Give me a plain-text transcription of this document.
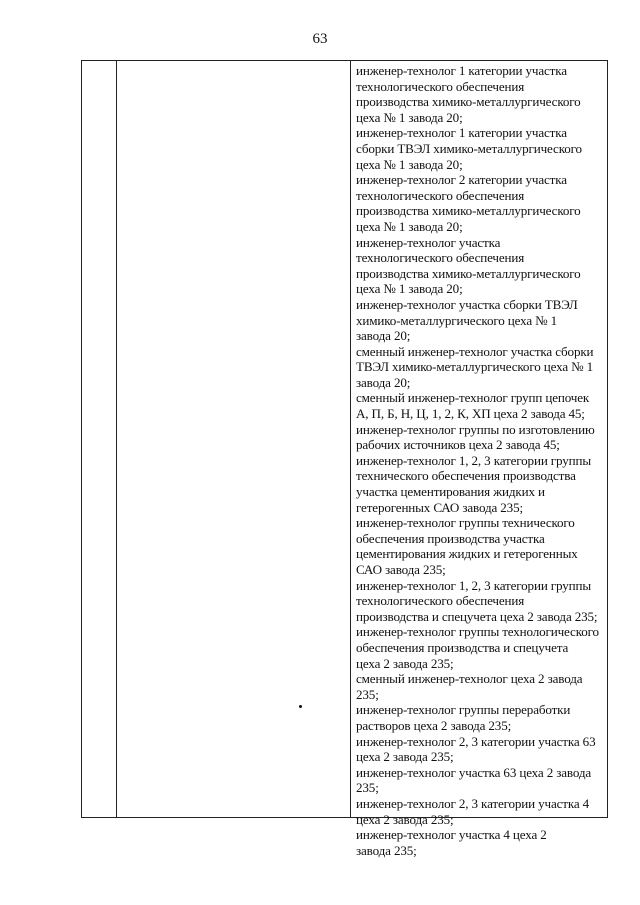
63
инженер-технолог 1 категории участка
технологического обеспечения
производства химико-металлургического
цеха № 1 завода 20;
инженер-технолог 1 категории участка
сборки ТВЭЛ химико-металлургического
цеха № 1 завода 20;
инженер-технолог 2 категории участка
технологического обеспечения
производства химико-металлургического
цеха № 1 завода 20;
инженер-технолог участка
технологического обеспечения
производства химико-металлургического
цеха № 1 завода 20;
инженер-технолог участка сборки ТВЭЛ
химико-металлургического цеха № 1
завода 20;
сменный инженер-технолог участка сборки
ТВЭЛ химико-металлургического цеха № 1
завода 20;
сменный инженер-технолог групп цепочек
А, П, Б, Н, Ц, 1, 2, К, ХП цеха 2 завода 45;
инженер-технолог группы по изготовлению
рабочих источников цеха 2 завода 45;
инженер-технолог 1, 2, 3 категории группы
технического обеспечения производства
участка цементирования жидких и
гетерогенных САО завода 235;
инженер-технолог группы технического
обеспечения производства участка
цементирования жидких и гетерогенных
САО завода 235;
инженер-технолог 1, 2, 3 категории группы
технологического обеспечения
производства и спецучета цеха 2 завода 235;
инженер-технолог группы технологического
обеспечения производства и спецучета
цеха 2 завода 235;
сменный инженер-технолог цеха 2 завода
235;
инженер-технолог группы переработки
растворов цеха 2 завода 235;
инженер-технолог 2, 3 категории участка 63
цеха 2 завода 235;
инженер-технолог участка 63 цеха 2 завода
235;
инженер-технолог 2, 3 категории участка 4
цеха 2 завода 235;
инженер-технолог участка 4 цеха 2
завода 235;
